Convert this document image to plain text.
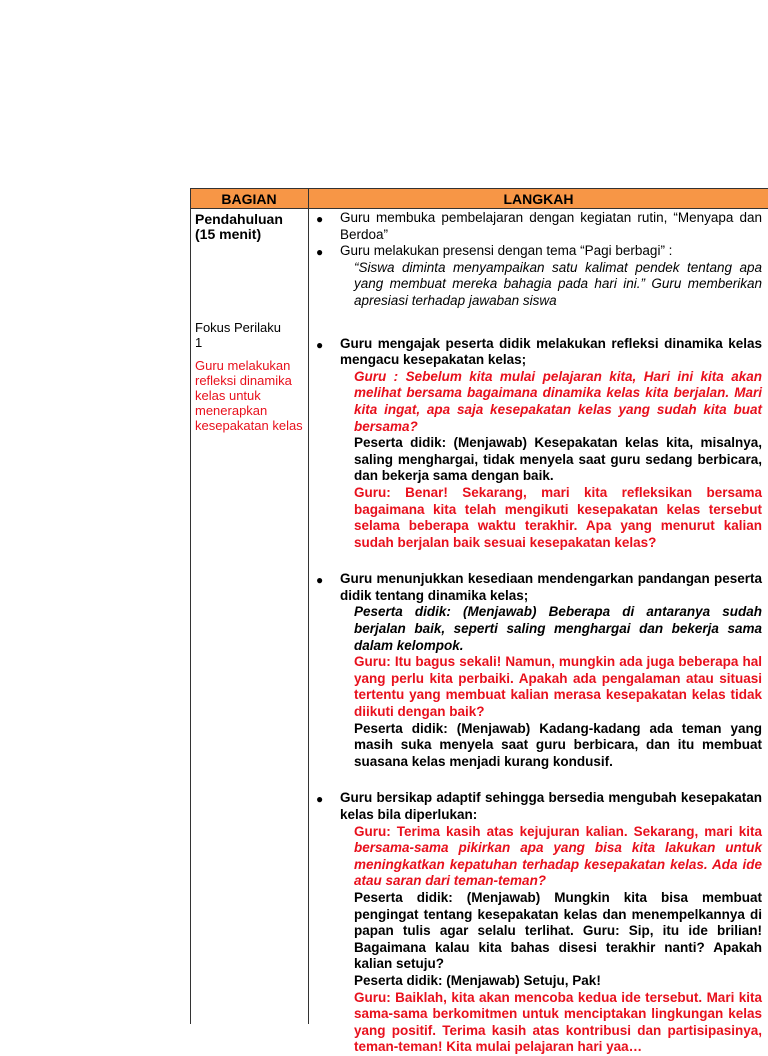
BAGIAN	LANGKAH
Pendahuluan
(15 menit)
Fokus Perilaku
1
Guru melakukan refleksi dinamika kelas untuk menerapkan kesepakatan kelas
● Guru membuka pembelajaran dengan kegiatan rutin, “Menyapa dan Berdoa”
● Guru melakukan presensi dengan tema “Pagi berbagi” :
“Siswa diminta menyampaikan satu kalimat pendek tentang apa yang membuat mereka bahagia pada hari ini.” Guru memberikan apresiasi terhadap jawaban siswa
● Guru mengajak peserta didik melakukan refleksi dinamika kelas mengacu kesepakatan kelas;
Guru : Sebelum kita mulai pelajaran kita, Hari ini kita akan melihat bersama bagaimana dinamika kelas kita berjalan. Mari kita ingat, apa saja kesepakatan kelas yang sudah kita buat bersama?
Peserta didik: (Menjawab) Kesepakatan kelas kita, misalnya, saling menghargai, tidak menyela saat guru sedang berbicara, dan bekerja sama dengan baik.
Guru: Benar! Sekarang, mari kita refleksikan bersama bagaimana kita telah mengikuti kesepakatan kelas tersebut selama beberapa waktu terakhir. Apa yang menurut kalian sudah berjalan baik sesuai kesepakatan kelas?
● Guru menunjukkan kesediaan mendengarkan pandangan peserta didik tentang dinamika kelas;
Peserta didik: (Menjawab) Beberapa di antaranya sudah berjalan baik, seperti saling menghargai dan bekerja sama dalam kelompok.
Guru: Itu bagus sekali! Namun, mungkin ada juga beberapa hal yang perlu kita perbaiki. Apakah ada pengalaman atau situasi tertentu yang membuat kalian merasa kesepakatan kelas tidak diikuti dengan baik?
Peserta didik: (Menjawab) Kadang-kadang ada teman yang masih suka menyela saat guru berbicara, dan itu membuat suasana kelas menjadi kurang kondusif.
● Guru bersikap adaptif sehingga bersedia mengubah kesepakatan kelas bila diperlukan:
Guru: Terima kasih atas kejujuran kalian. Sekarang, mari kita bersama-sama pikirkan apa yang bisa kita lakukan untuk meningkatkan kepatuhan terhadap kesepakatan kelas. Ada ide atau saran dari teman-teman?
Peserta didik: (Menjawab) Mungkin kita bisa membuat pengingat tentang kesepakatan kelas dan menempelkannya di papan tulis agar selalu terlihat. Guru: Sip, itu ide brilian! Bagaimana kalau kita bahas disesi terakhir nanti? Apakah kalian setuju?
Peserta didik: (Menjawab) Setuju, Pak!
Guru: Baiklah, kita akan mencoba kedua ide tersebut. Mari kita sama-sama berkomitmen untuk menciptakan lingkungan kelas yang positif. Terima kasih atas kontribusi dan partisipasinya, teman-teman! Kita mulai pelajaran hari yaa…
